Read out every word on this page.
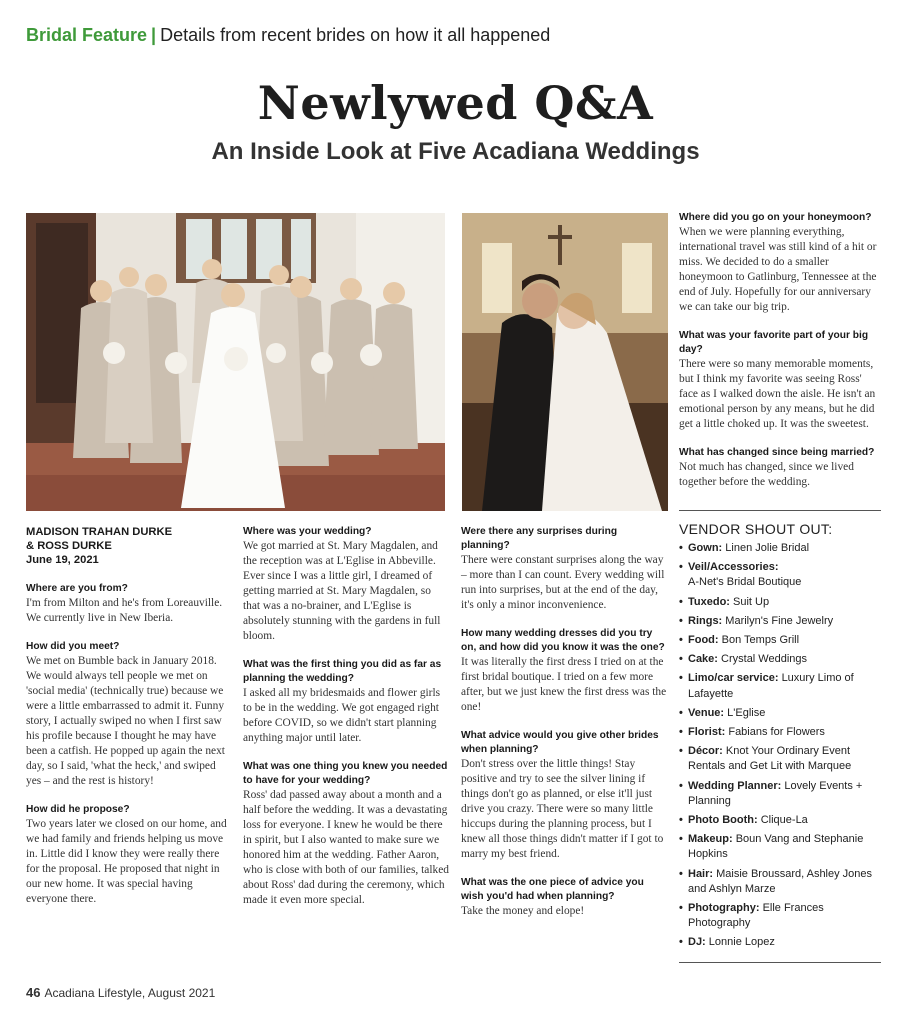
Bridal Feature | Details from recent brides on how it all happened
Newlywed Q&A
An Inside Look at Five Acadiana Weddings

MADISON TRAHAN DURKE
& ROSS DURKE
June 19, 2021

Where are you from?

I'm from Milton and he's from Loreauville. We currently live in New Iberia.

How did you meet?

We met on Bumble back in January 2018. We would always tell people we met on 'social media' (technically true) because we were a little embarrassed to admit it. Funny story, I actually swiped no when I first saw his profile because I thought he may have been a catfish. He popped up again the next day, so I said, 'what the heck,' and swiped yes – and the rest is history!

How did he propose?

Two years later we closed on our home, and we had family and friends helping us move in. Little did I know they were really there for the proposal. He proposed that night in our new home. It was special having everyone there.

Where was your wedding?

We got married at St. Mary Magdalen, and the reception was at L'Eglise in Abbeville. Ever since I was a little girl, I dreamed of getting married at St. Mary Magdalen, so that was a no-brainer, and L'Eglise is absolutely stunning with the gardens in full bloom.

What was the first thing you did as far as planning the wedding?

I asked all my bridesmaids and flower girls to be in the wedding. We got engaged right before COVID, so we didn't start planning anything major until later.

What was one thing you knew you needed to have for your wedding?

Ross' dad passed away about a month and a half before the wedding. It was a devastating loss for everyone. I knew he would be there in spirit, but I also wanted to make sure we honored him at the wedding. Father Aaron, who is close with both of our families, talked about Ross' dad during the ceremony, which made it even more special.

Were there any surprises during planning?

There were constant surprises along the way – more than I can count. Every wedding will run into surprises, but at the end of the day, it's only a minor inconvenience.

How many wedding dresses did you try on, and how did you know it was the one?

It was literally the first dress I tried on at the first bridal boutique. I tried on a few more after, but we just knew the first dress was the one!

What advice would you give other brides when planning?

Don't stress over the little things! Stay positive and try to see the silver lining if things don't go as planned, or else it'll just drive you crazy. There were so many little hiccups during the planning process, but I knew all those things didn't matter if I got to marry my best friend.

What was the one piece of advice you wish you'd had when planning?

Take the money and elope!

Where did you go on your honeymoon?

When we were planning everything, international travel was still kind of a hit or miss. We decided to do a smaller honeymoon to Gatlinburg, Tennessee at the end of July. Hopefully for our anniversary we can take our big trip.

What was your favorite part of your big day?

There were so many memorable moments, but I think my favorite was seeing Ross' face as I walked down the aisle. He isn't an emotional person by any means, but he did get a little choked up. It was the sweetest.

What has changed since being married?

Not much has changed, since we lived together before the wedding.

VENDOR SHOUT OUT:
• Gown: Linen Jolie Bridal
• Veil/Accessories:
A-Net's Bridal Boutique
• Tuxedo: Suit Up
• Rings: Marilyn's Fine Jewelry
• Food: Bon Temps Grill
• Cake: Crystal Weddings
• Limo/car service: Luxury Limo of Lafayette
• Venue: L'Eglise
• Florist: Fabians for Flowers
• Décor: Knot Your Ordinary Event Rentals and Get Lit with Marquee
• Wedding Planner: Lovely Events + Planning
• Photo Booth: Clique-La
• Makeup: Boun Vang and Stephanie Hopkins
• Hair: Maisie Broussard, Ashley Jones and Ashlyn Marze
• Photography: Elle Frances Photography
• DJ: Lonnie Lopez
46 Acadiana Lifestyle, August 2021
